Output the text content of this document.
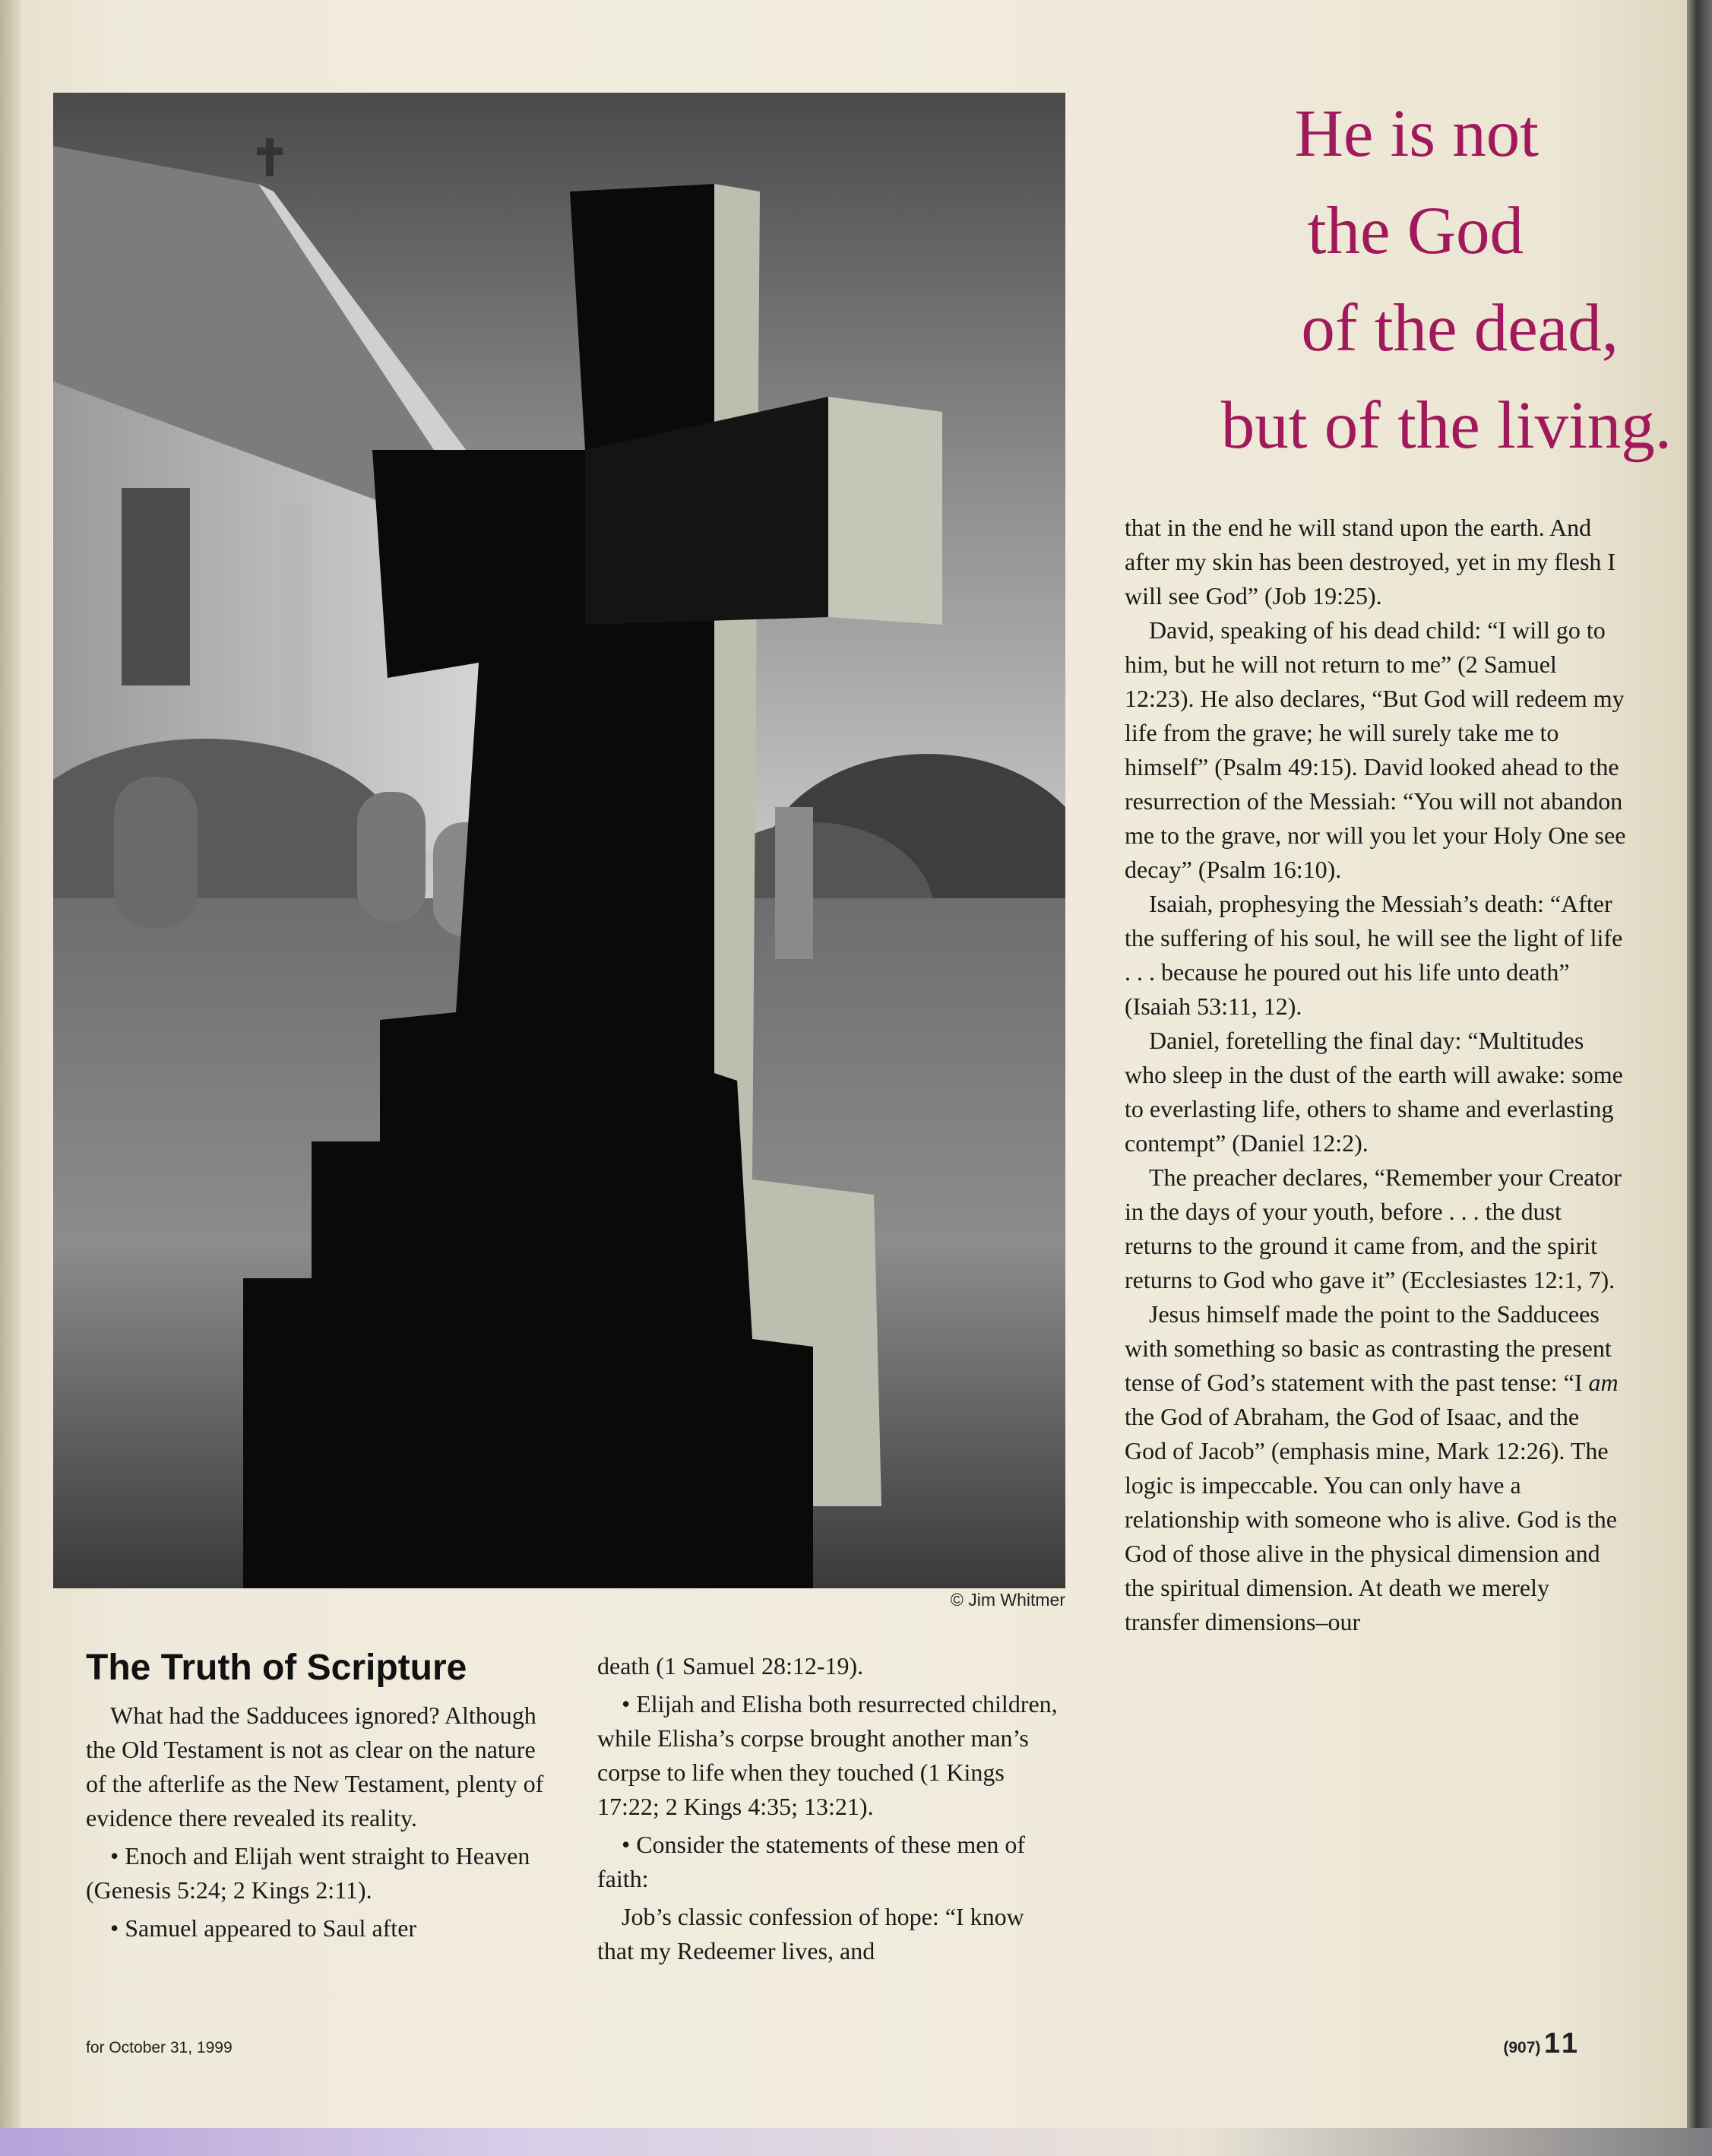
© Jim Whitmer
He is not
the God
of the dead,
but of the living.
The Truth of Scripture

What had the Sadducees ignored? Although the Old Testament is not as clear on the nature of the afterlife as the New Testament, plenty of evidence there revealed its reality.

• Enoch and Elijah went straight to Heaven (Genesis 5:24; 2 Kings 2:11).

• Samuel appeared to Saul after

death (1 Samuel 28:12-19).

• Elijah and Elisha both resurrected children, while Elisha’s corpse brought another man’s corpse to life when they touched (1 Kings 17:22; 2 Kings 4:35; 13:21).

• Consider the statements of these men of faith:

Job’s classic confession of hope: “I know that my Redeemer lives, and

that in the end he will stand upon the earth. And after my skin has been destroyed, yet in my flesh I will see God” (Job 19:25).

David, speaking of his dead child: “I will go to him, but he will not return to me” (2 Samuel 12:23). He also declares, “But God will redeem my life from the grave; he will surely take me to himself” (Psalm 49:15). David looked ahead to the resurrection of the Messiah: “You will not abandon me to the grave, nor will you let your Holy One see decay” (Psalm 16:10).

Isaiah, prophesying the Messiah’s death: “After the suffering of his soul, he will see the light of life . . . because he poured out his life unto death” (Isaiah 53:11, 12).

Daniel, foretelling the final day: “Multitudes who sleep in the dust of the earth will awake: some to everlasting life, others to shame and everlasting contempt” (Daniel 12:2).

The preacher declares, “Remember your Creator in the days of your youth, before . . . the dust returns to the ground it came from, and the spirit returns to God who gave it” (Ecclesiastes 12:1, 7).

Jesus himself made the point to the Sadducees with something so basic as contrasting the present tense of God’s statement with the past tense: “I am the God of Abraham, the God of Isaac, and the God of Jacob” (emphasis mine, Mark 12:26). The logic is impeccable. You can only have a relationship with someone who is alive. God is the God of those alive in the physical dimension and the spiritual dimension. At death we merely transfer dimensions–our

for October 31, 1999	(907) 11
